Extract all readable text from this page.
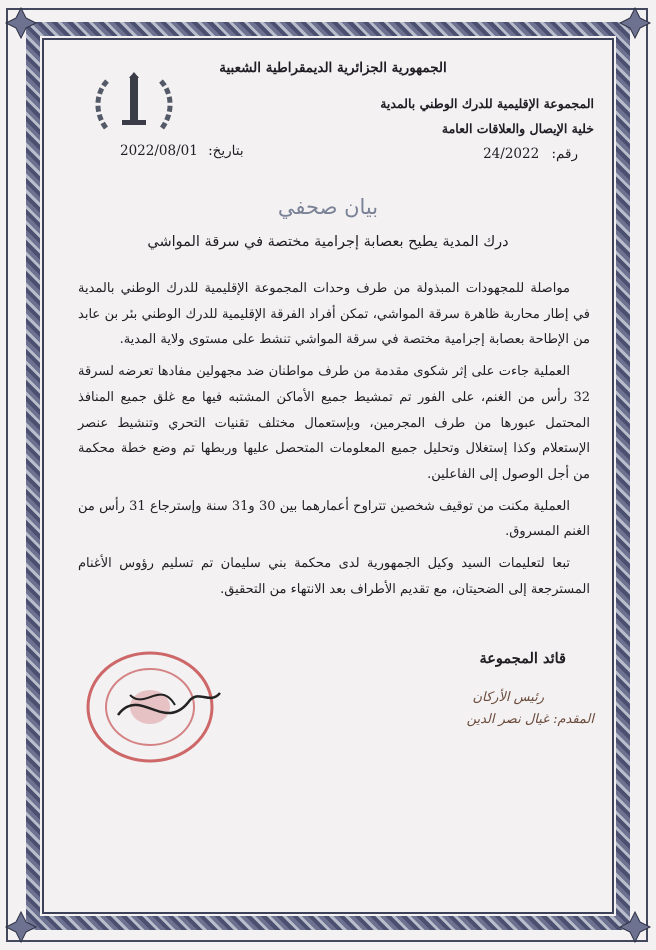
الجمهورية الجزائرية الديمقراطية الشعبية
المجموعة الإقليمية للدرك الوطني بالمدية
خلية الإيصال والعلاقات العامة
رقم: 24/2022
بتاريخ: 2022/08/01
بيان صحفي
درك المدية يطيح بعصابة إجرامية مختصة في سرقة المواشي

مواصلة للمجهودات المبذولة من طرف وحدات المجموعة الإقليمية للدرك الوطني بالمدية في إطار محاربة ظاهرة سرقة المواشي، تمكن أفراد الفرقة الإقليمية للدرك الوطني بئر بن عابد من الإطاحة بعصابة إجرامية مختصة في سرقة المواشي تنشط على مستوى ولاية المدية.

العملية جاءت على إثر شكوى مقدمة من طرف مواطنان ضد مجهولين مفادها تعرضه لسرقة 32 رأس من الغنم، على الفور تم تمشيط جميع الأماكن المشتبه فيها مع غلق جميع المنافذ المحتمل عبورها من طرف المجرمين، وبإستعمال مختلف تقنيات التحري وتنشيط عنصر الإستعلام وكذا إستغلال وتحليل جميع المعلومات المتحصل عليها وربطها تم وضع خطة محكمة من أجل الوصول إلى الفاعلين.

العملية مكنت من توقيف شخصين تتراوح أعمارهما بين 30 و31 سنة وإسترجاع 31 رأس من الغنم المسروق.

تبعا لتعليمات السيد وكيل الجمهورية لدى محكمة بني سليمان تم تسليم رؤوس الأغنام المسترجعة إلى الضحيتان، مع تقديم الأطراف بعد الانتهاء من التحقيق.

قائد المجموعة
رئيس الأركان
المقدم: غيال نصر الدين
